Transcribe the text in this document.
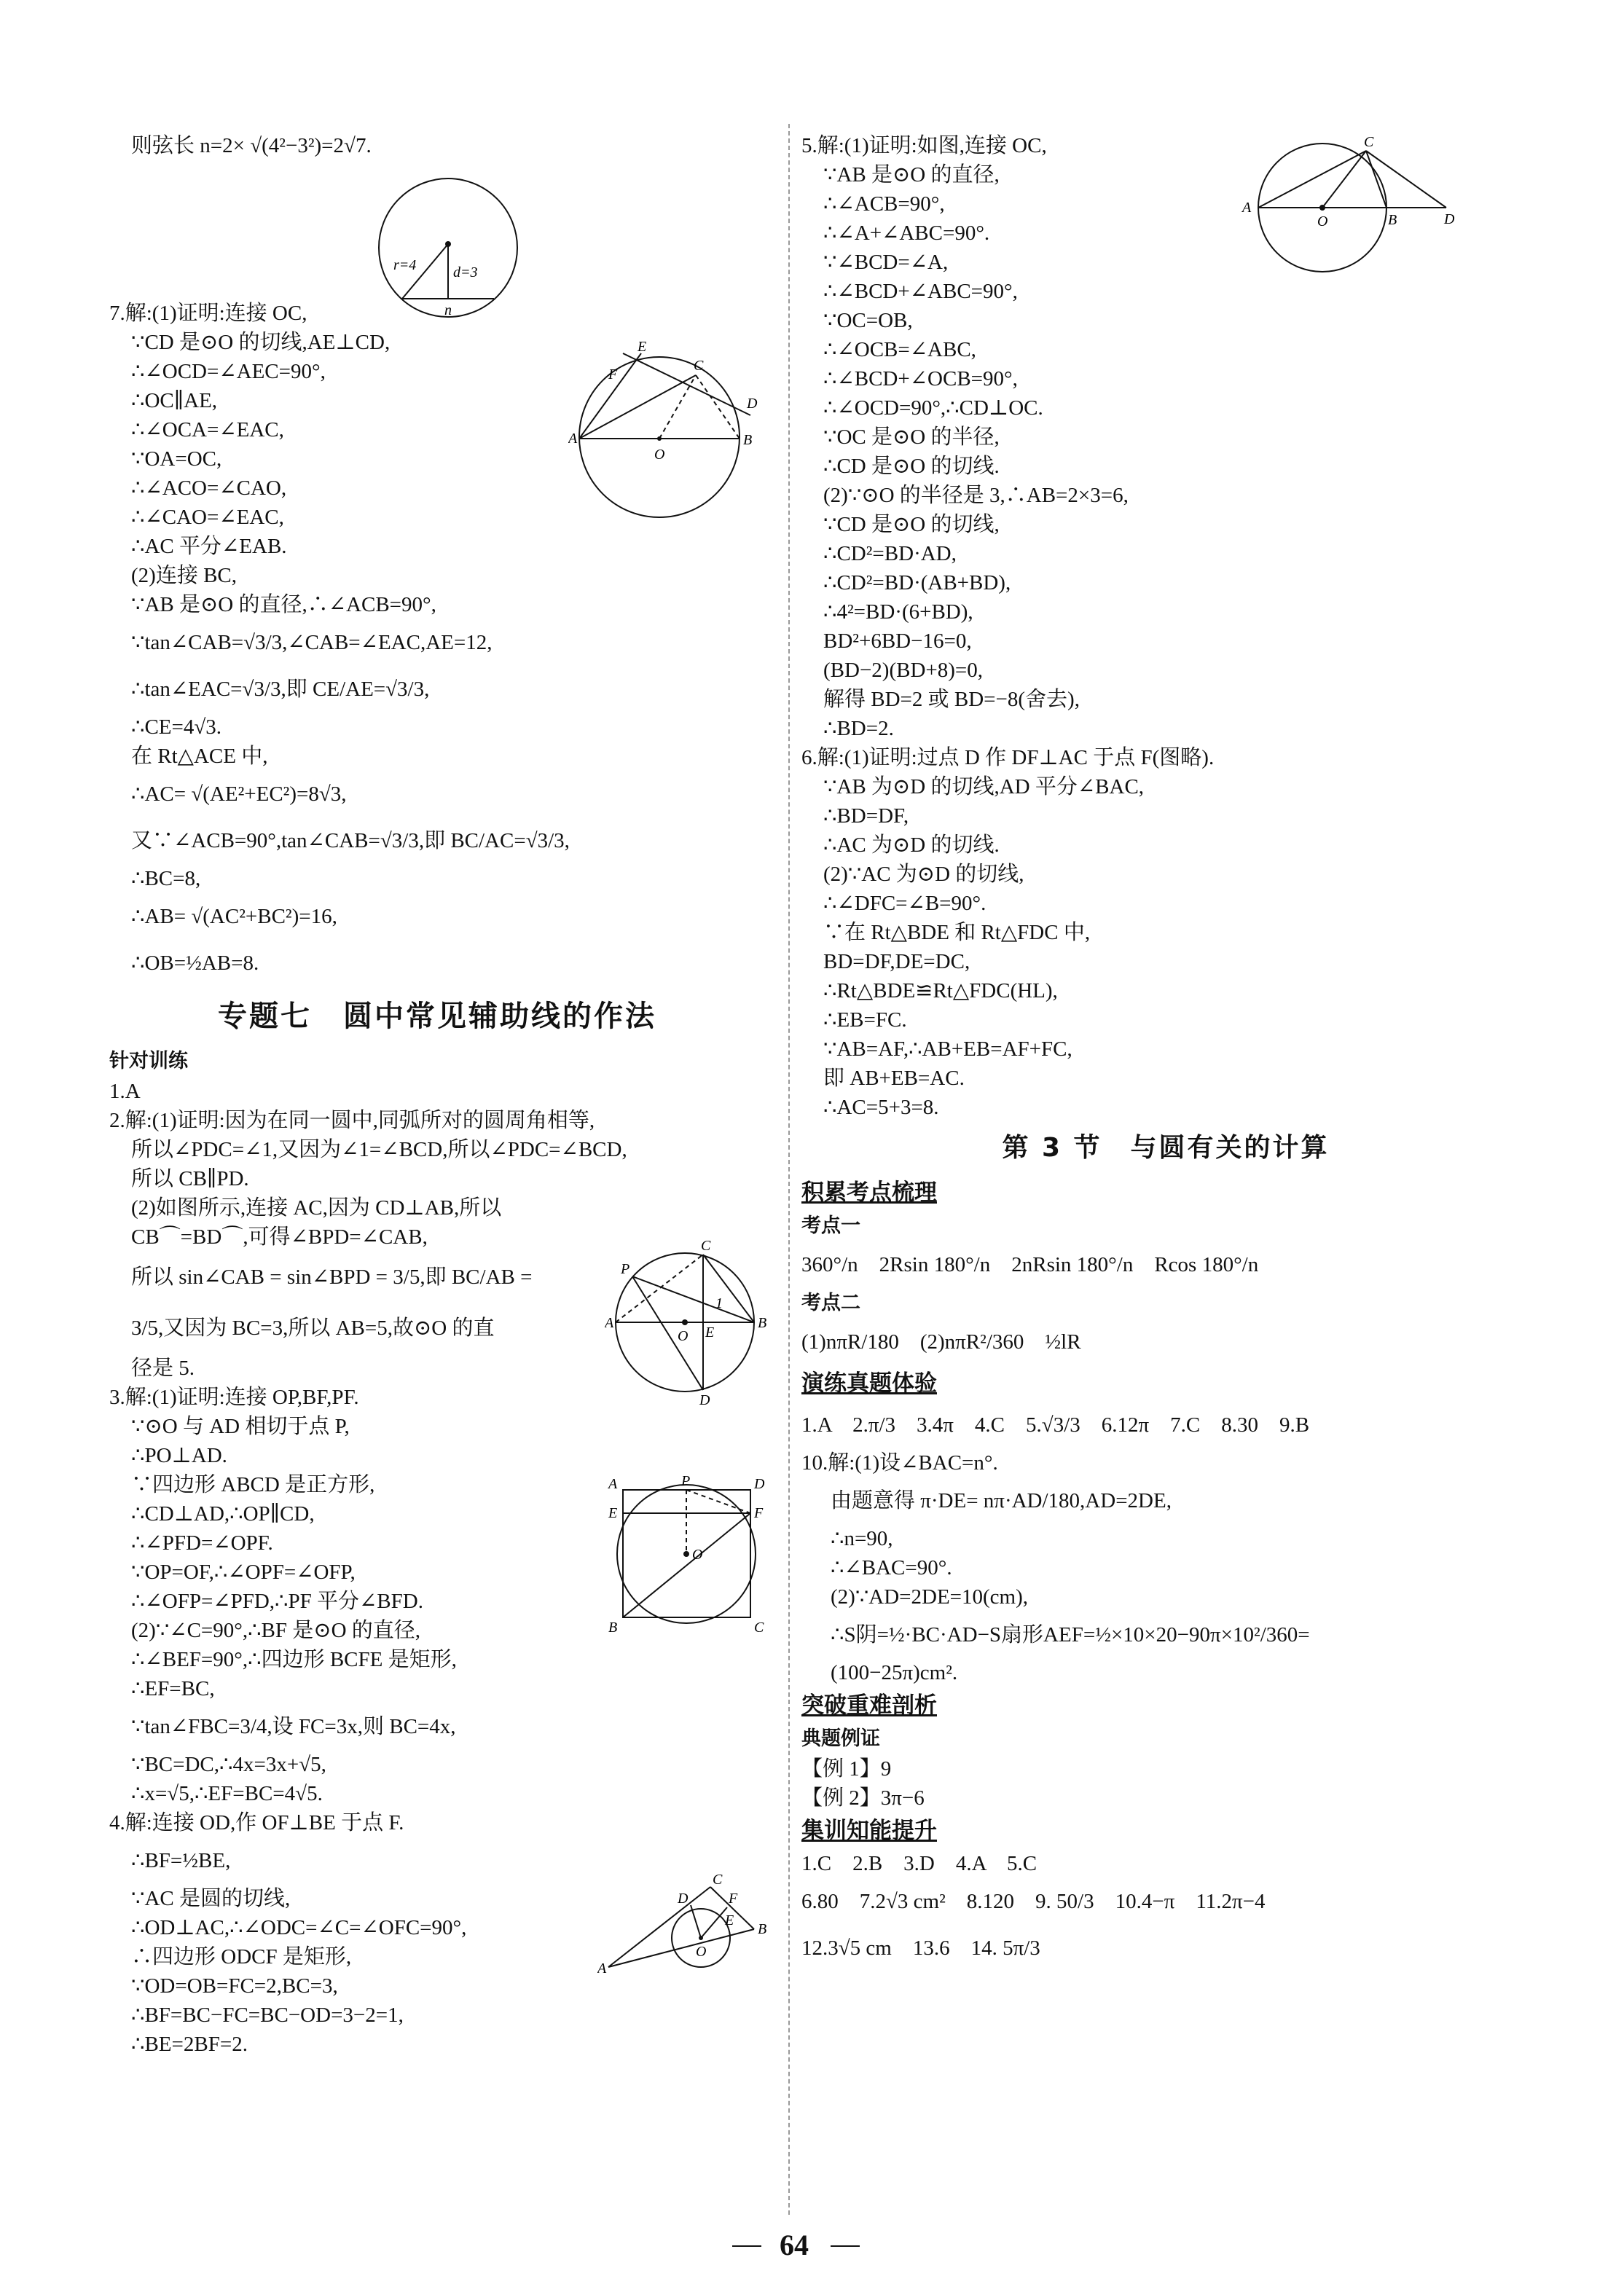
则弦长 n=2× √(4²−3²)=2√7.
7.解:(1)证明:连接 OC,
∵CD 是⊙O 的切线,AE⊥CD,
∴∠OCD=∠AEC=90°,
∴OC∥AE,
∴∠OCA=∠EAC,
∵OA=OC,
∴∠ACO=∠CAO,
∴∠CAO=∠EAC,
∴AC 平分∠EAB.
(2)连接 BC,
∵AB 是⊙O 的直径,∴∠ACB=90°,
∵tan∠CAB=√3/3,∠CAB=∠EAC,AE=12,
∴tan∠EAC=√3/3,即 CE/AE=√3/3,
∴CE=4√3.
在 Rt△ACE 中,
∴AC= √(AE²+EC²)=8√3,
又∵∠ACB=90°,tan∠CAB=√3/3,即 BC/AC=√3/3,
∴BC=8,
∴AB= √(AC²+BC²)=16,
∴OB=½AB=8.
专题七　圆中常见辅助线的作法
针对训练
1.A
2.解:(1)证明:因为在同一圆中,同弧所对的圆周角相等,
所以∠PDC=∠1,又因为∠1=∠BCD,所以∠PDC=∠BCD,
所以 CB∥PD.
(2)如图所示,连接 AC,因为 CD⊥AB,所以
CB⌒=BD⌒,可得∠BPD=∠CAB,
所以 sin∠CAB = sin∠BPD = 3/5,即 BC/AB =
3/5,又因为 BC=3,所以 AB=5,故⊙O 的直
径是 5.
3.解:(1)证明:连接 OP,BF,PF.
∵⊙O 与 AD 相切于点 P,
∴PO⊥AD.
∵四边形 ABCD 是正方形,
∴CD⊥AD,∴OP∥CD,
∴∠PFD=∠OPF.
∵OP=OF,∴∠OPF=∠OFP,
∴∠OFP=∠PFD,∴PF 平分∠BFD.
(2)∵∠C=90°,∴BF 是⊙O 的直径,
∴∠BEF=90°,∴四边形 BCFE 是矩形,
∴EF=BC,
∵tan∠FBC=3/4,设 FC=3x,则 BC=4x,
∵BC=DC,∴4x=3x+√5,
∴x=√5,∴EF=BC=4√5.
4.解:连接 OD,作 OF⊥BE 于点 F.
∴BF=½BE,
∵AC 是圆的切线,
∴OD⊥AC,∴∠ODC=∠C=∠OFC=90°,
∴四边形 ODCF 是矩形,
∵OD=OB=FC=2,BC=3,
∴BF=BC−FC=BC−OD=3−2=1,
∴BE=2BF=2.
5.解:(1)证明:如图,连接 OC,
∵AB 是⊙O 的直径,
∴∠ACB=90°,
∴∠A+∠ABC=90°.
∵∠BCD=∠A,
∴∠BCD+∠ABC=90°,
∵OC=OB,
∴∠OCB=∠ABC,
∴∠BCD+∠OCB=90°,
∴∠OCD=90°,∴CD⊥OC.
∵OC 是⊙O 的半径,
∴CD 是⊙O 的切线.
(2)∵⊙O 的半径是 3,∴AB=2×3=6,
∵CD 是⊙O 的切线,
∴CD²=BD·AD,
∴CD²=BD·(AB+BD),
∴4²=BD·(6+BD),
BD²+6BD−16=0,
(BD−2)(BD+8)=0,
解得 BD=2 或 BD=−8(舍去),
∴BD=2.
6.解:(1)证明:过点 D 作 DF⊥AC 于点 F(图略).
∵AB 为⊙D 的切线,AD 平分∠BAC,
∴BD=DF,
∴AC 为⊙D 的切线.
(2)∵AC 为⊙D 的切线,
∴∠DFC=∠B=90°.
∵在 Rt△BDE 和 Rt△FDC 中,
BD=DF,DE=DC,
∴Rt△BDE≌Rt△FDC(HL),
∴EB=FC.
∵AB=AF,∴AB+EB=AF+FC,
即 AB+EB=AC.
∴AC=5+3=8.
第 3 节　与圆有关的计算
积累考点梳理
考点一
360°/n　2Rsin 180°/n　2nRsin 180°/n　Rcos 180°/n
考点二
(1)nπR/180　(2)nπR²/360　½lR
演练真题体验
1.A　2.π/3　3.4π　4.C　5.√3/3　6.12π　7.C　8.30　9.B
10.解:(1)设∠BAC=n°.
由题意得 π·DE= nπ·AD/180,AD=2DE,
∴n=90,
∴∠BAC=90°.
(2)∵AD=2DE=10(cm),
∴S阴=½·BC·AD−S扇形AEF=½×10×20−90π×10²/360=
(100−25π)cm².
突破重难剖析
典题例证
【例 1】9
【例 2】3π−6
集训知能提升
1.C　2.B　3.D　4.A　5.C
6.80　7.2√3 cm²　8.120　9. 50/3　10.4−π　11.2π−4
12.3√5 cm　13.6　14. 5π/3
r=4	d=3
n
E
F
C
D
A
O
B
A
O	B
C
D
P
C
1
A
O E
B
D
A	P	D
E	F
O
B	C
D
C
F
E
A
O
B
64
